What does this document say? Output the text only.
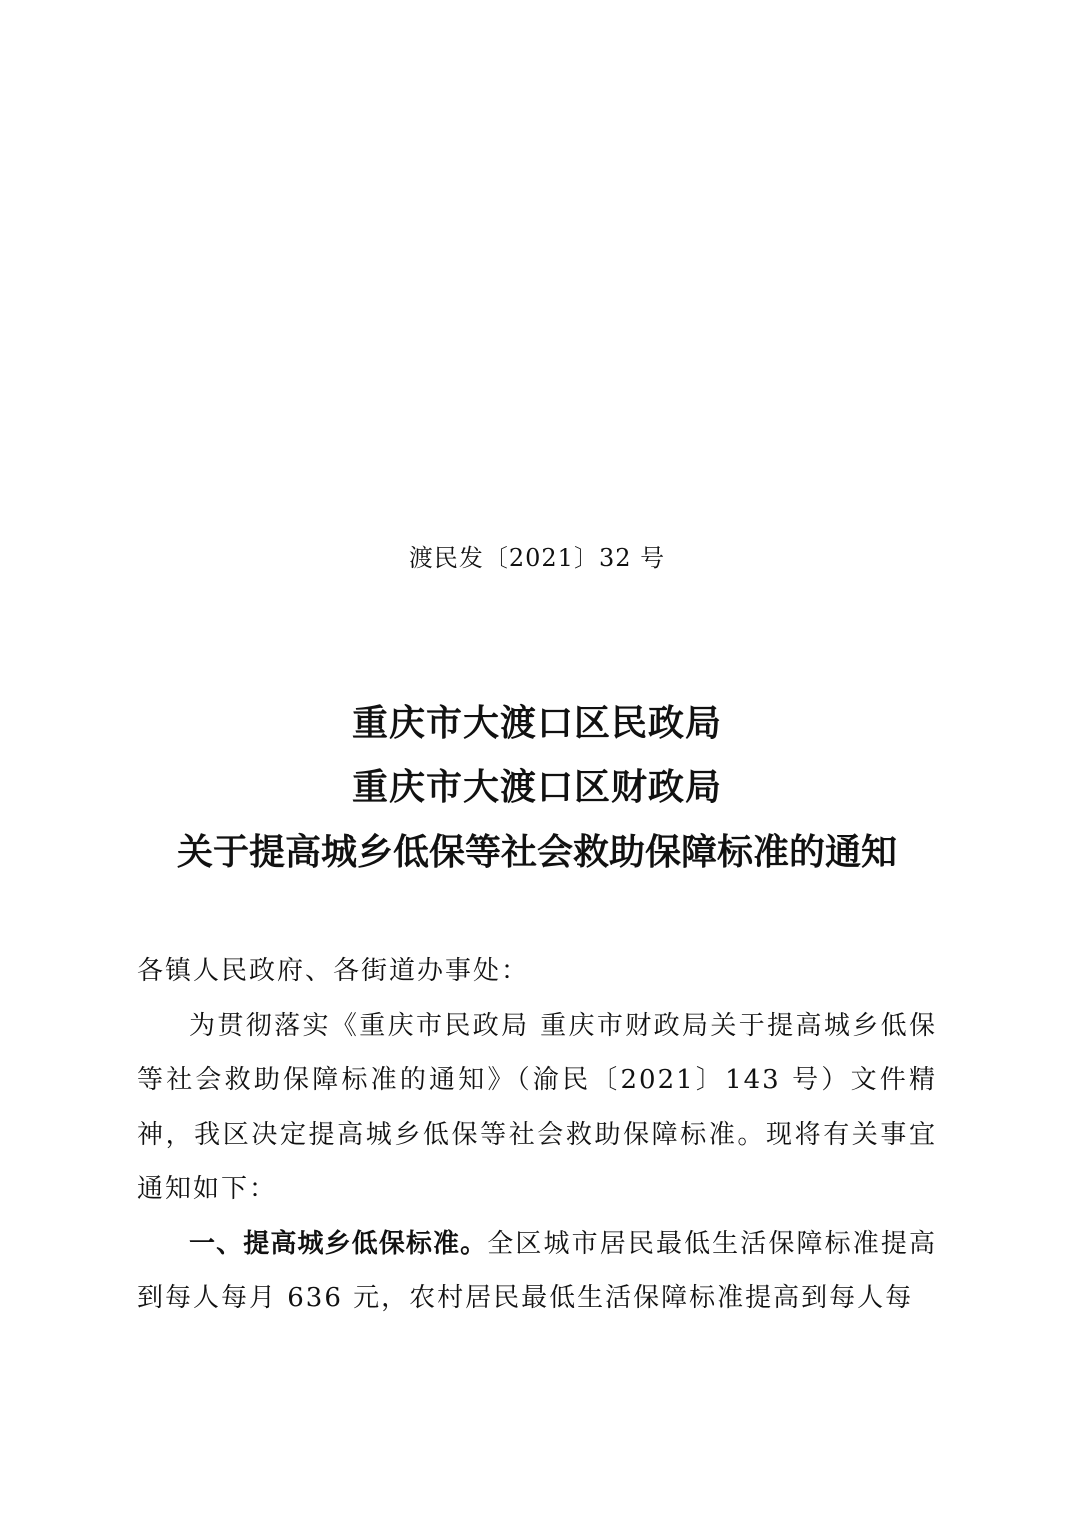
渡民发〔2021〕32 号
重庆市大渡口区民政局
重庆市大渡口区财政局
关于提高城乡低保等社会救助保障标准的通知

各镇人民政府、各街道办事处：

为贯彻落实《重庆市民政局 重庆市财政局关于提高城乡低保等社会救助保障标准的通知》（渝民〔2021〕143 号）文件精神，我区决定提高城乡低保等社会救助保障标准。现将有关事宜通知如下：

一、提高城乡低保标准。全区城市居民最低生活保障标准提高到每人每月 636 元，农村居民最低生活保障标准提高到每人每
